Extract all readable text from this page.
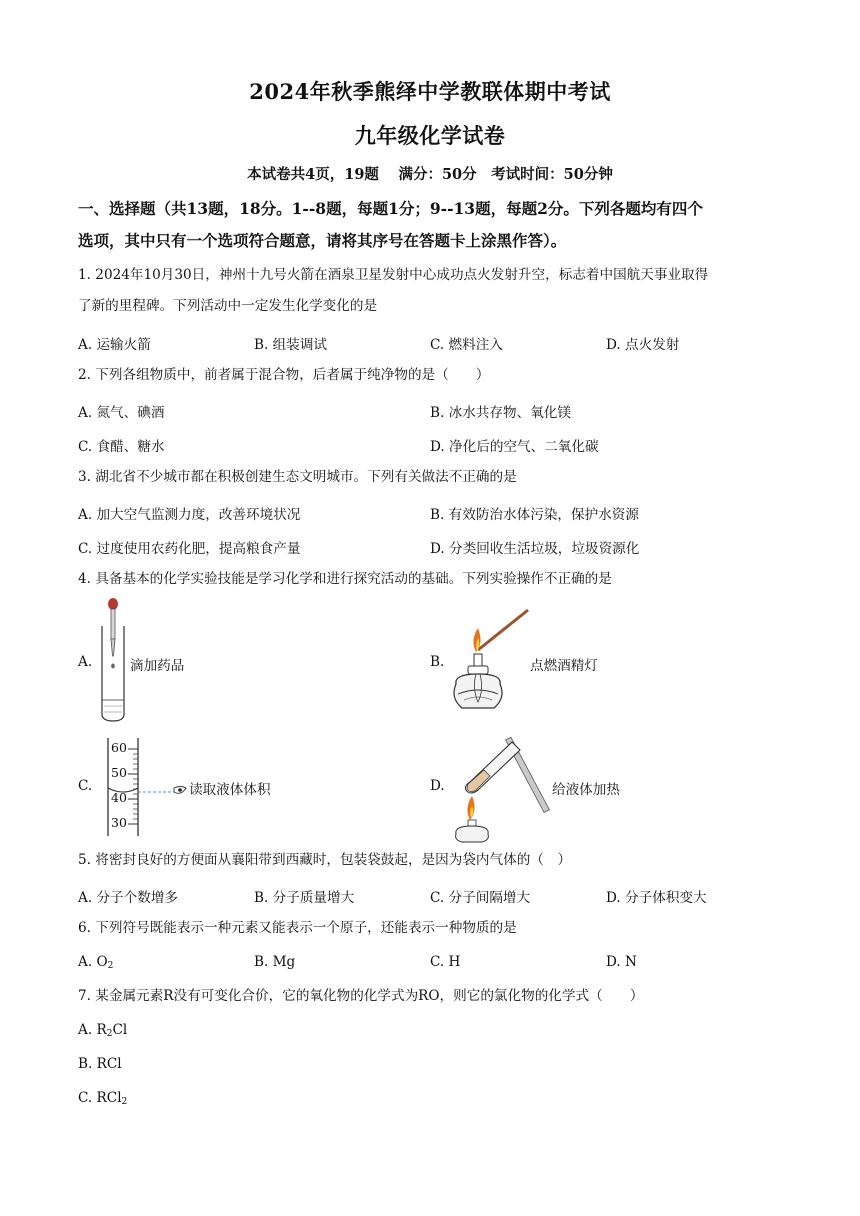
2024年秋季熊绎中学教联体期中考试
九年级化学试卷
本试卷共4页，19题　 满分：50分　考试时间：50分钟
一、选择题（共13题，18分。1--8题，每题1分；9--13题，每题2分。下列各题均有四个
选项，其中只有一个选项符合题意，请将其序号在答题卡上涂黑作答）。
1. 2024年10月30日，神州十九号火箭在酒泉卫星发射中心成功点火发射升空，标志着中国航天事业取得
了新的里程碑。下列活动中一定发生化学变化的是
A. 运输火箭	B. 组装调试	C. 燃料注入	D. 点火发射
2. 下列各组物质中，前者属于混合物，后者属于纯净物的是（　　）
A. 氮气、碘酒	B. 冰水共存物、氧化镁
C. 食醋、糖水	D. 净化后的空气、二氧化碳
3. 湖北省不少城市都在积极创建生态文明城市。下列有关做法不正确的是
A. 加大空气监测力度，改善环境状况	B. 有效防治水体污染，保护水资源
C. 过度使用农药化肥，提高粮食产量	D. 分类回收生活垃圾，垃圾资源化
4. 具备基本的化学实验技能是学习化学和进行探究活动的基础。下列实验操作不正确的是
A.	滴加药品	B.	点燃酒精灯
C.
60
50
40
30
读取液体体积	D.	给液体加热
5. 将密封良好的方便面从襄阳带到西藏时，包装袋鼓起，是因为袋内气体的（　）
A. 分子个数增多	B. 分子质量增大	C. 分子间隔增大	D. 分子体积变大
6. 下列符号既能表示一种元素又能表示一个原子，还能表示一种物质的是
A. $O_2$	B. Mg	C. H	D. N
7. 某金属元素R没有可变化合价，它的氧化物的化学式为RO，则它的氯化物的化学式（　　）
A. $R_2Cl$
B. RCl
C. RCl$_2$
